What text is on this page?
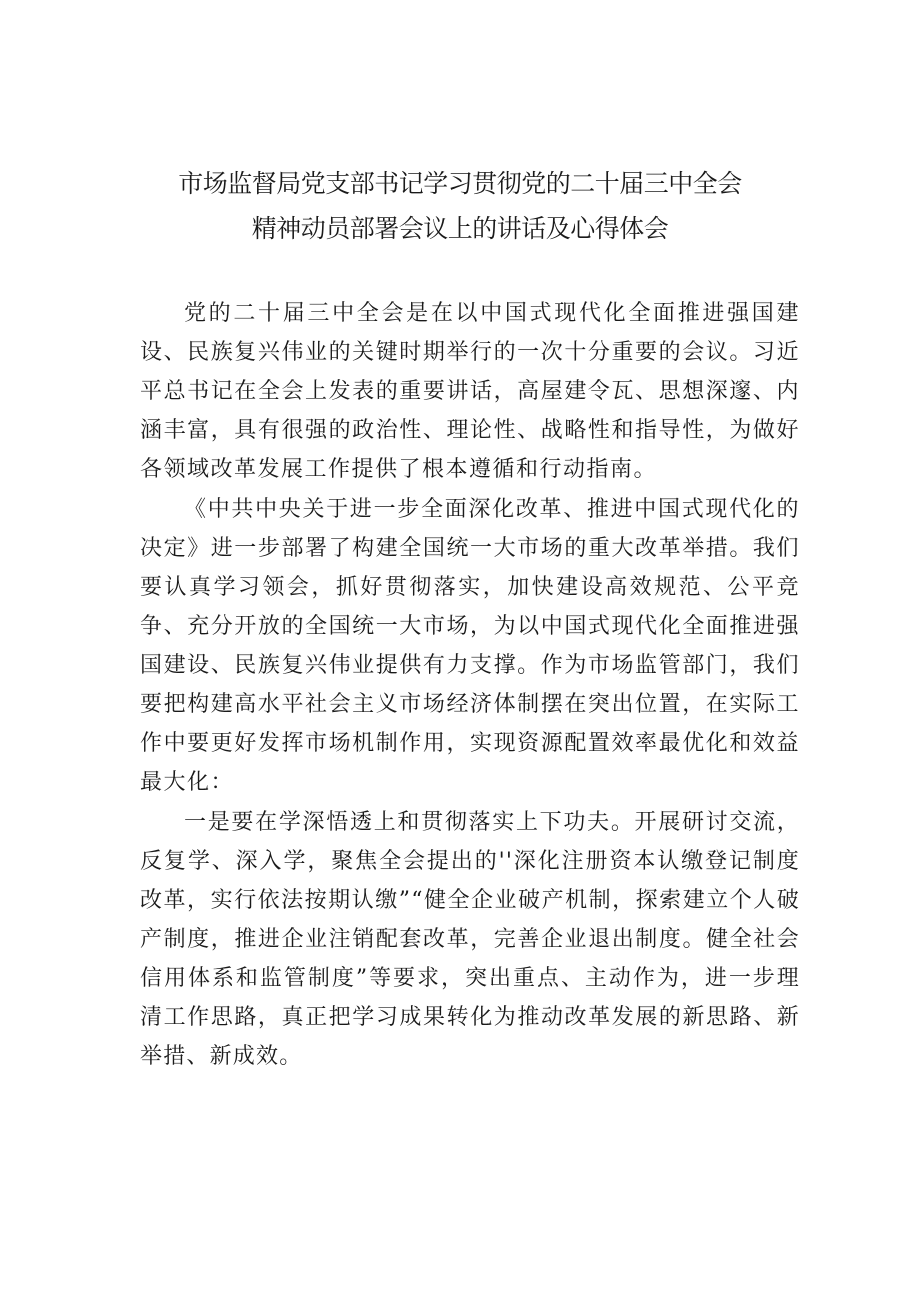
市场监督局党支部书记学习贯彻党的二十届三中全会
精神动员部署会议上的讲话及心得体会

党的二十届三中全会是在以中国式现代化全面推进强国建设、民族复兴伟业的关键时期举行的一次十分重要的会议。习近平总书记在全会上发表的重要讲话，高屋建令瓦、思想深邃、内涵丰富，具有很强的政治性、理论性、战略性和指导性，为做好各领域改革发展工作提供了根本遵循和行动指南。

《中共中央关于进一步全面深化改革、推进中国式现代化的决定》进一步部署了构建全国统一大市场的重大改革举措。我们要认真学习领会，抓好贯彻落实，加快建设高效规范、公平竞争、充分开放的全国统一大市场，为以中国式现代化全面推进强国建设、民族复兴伟业提供有力支撑。作为市场监管部门，我们要把构建高水平社会主义市场经济体制摆在突出位置，在实际工作中要更好发挥市场机制作用，实现资源配置效率最优化和效益最大化：

一是要在学深悟透上和贯彻落实上下功夫。开展研讨交流，反复学、深入学，聚焦全会提出的''深化注册资本认缴登记制度改革，实行依法按期认缴”“健全企业破产机制，探索建立个人破产制度，推进企业注销配套改革，完善企业退出制度。健全社会信用体系和监管制度”等要求，突出重点、主动作为，进一步理清工作思路，真正把学习成果转化为推动改革发展的新思路、新举措、新成效。
